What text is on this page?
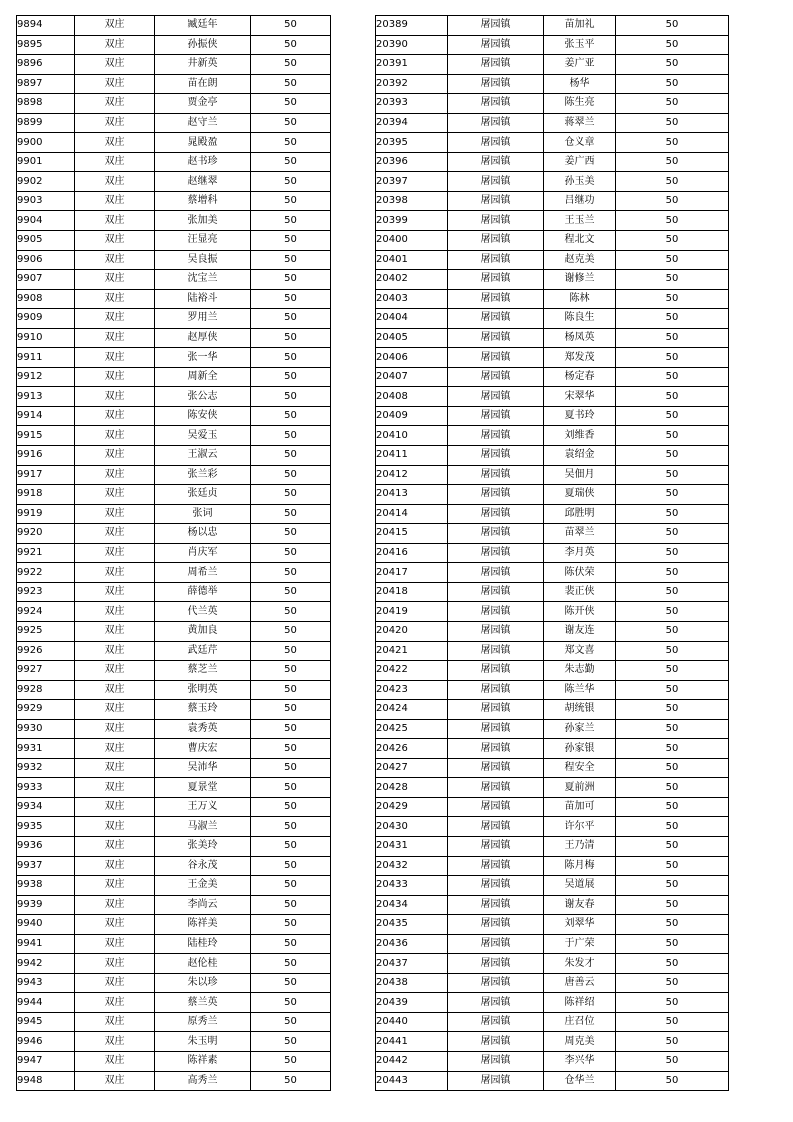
9894	双庄	臧廷年	50
9895	双庄	孙振侠	50
9896	双庄	井新英	50
9897	双庄	苗在朗	50
9898	双庄	贾金亭	50
9899	双庄	赵守兰	50
9900	双庄	晁殿盈	50
9901	双庄	赵书珍	50
9902	双庄	赵继翠	50
9903	双庄	蔡增科	50
9904	双庄	张加美	50
9905	双庄	汪显亮	50
9906	双庄	吴良振	50
9907	双庄	沈宝兰	50
9908	双庄	陆裕斗	50
9909	双庄	罗用兰	50
9910	双庄	赵厚侠	50
9911	双庄	张一华	50
9912	双庄	周新全	50
9913	双庄	张公志	50
9914	双庄	陈安侠	50
9915	双庄	吴爱玉	50
9916	双庄	王淑云	50
9917	双庄	张兰彩	50
9918	双庄	张廷贞	50
9919	双庄	张词	50
9920	双庄	杨以忠	50
9921	双庄	肖庆军	50
9922	双庄	周希兰	50
9923	双庄	薛德举	50
9924	双庄	代兰英	50
9925	双庄	黄加良	50
9926	双庄	武廷芹	50
9927	双庄	蔡芝兰	50
9928	双庄	张明英	50
9929	双庄	蔡玉玲	50
9930	双庄	袁秀英	50
9931	双庄	曹庆宏	50
9932	双庄	吴沛华	50
9933	双庄	夏景堂	50
9934	双庄	王万义	50
9935	双庄	马淑兰	50
9936	双庄	张美玲	50
9937	双庄	谷永茂	50
9938	双庄	王金美	50
9939	双庄	李尚云	50
9940	双庄	陈祥美	50
9941	双庄	陆桂玲	50
9942	双庄	赵伦桂	50
9943	双庄	朱以珍	50
9944	双庄	蔡兰英	50
9945	双庄	原秀兰	50
9946	双庄	朱玉明	50
9947	双庄	陈祥素	50
9948	双庄	高秀兰	50
20389	屠园镇	苗加礼	50
20390	屠园镇	张玉平	50
20391	屠园镇	姜广亚	50
20392	屠园镇	杨华	50
20393	屠园镇	陈生亮	50
20394	屠园镇	蒋翠兰	50
20395	屠园镇	仓义章	50
20396	屠园镇	姜广西	50
20397	屠园镇	孙玉美	50
20398	屠园镇	吕继功	50
20399	屠园镇	王玉兰	50
20400	屠园镇	程北文	50
20401	屠园镇	赵克美	50
20402	屠园镇	谢修兰	50
20403	屠园镇	陈林	50
20404	屠园镇	陈良生	50
20405	屠园镇	杨凤英	50
20406	屠园镇	郑发茂	50
20407	屠园镇	杨定春	50
20408	屠园镇	宋翠华	50
20409	屠园镇	夏书玲	50
20410	屠园镇	刘维香	50
20411	屠园镇	袁绍金	50
20412	屠园镇	吴佃月	50
20413	屠园镇	夏瑞侠	50
20414	屠园镇	邱胜明	50
20415	屠园镇	苗翠兰	50
20416	屠园镇	李月英	50
20417	屠园镇	陈伏荣	50
20418	屠园镇	裴正侠	50
20419	屠园镇	陈开侠	50
20420	屠园镇	谢友连	50
20421	屠园镇	郑文喜	50
20422	屠园镇	朱志勤	50
20423	屠园镇	陈兰华	50
20424	屠园镇	胡统银	50
20425	屠园镇	孙家兰	50
20426	屠园镇	孙家银	50
20427	屠园镇	程安全	50
20428	屠园镇	夏前洲	50
20429	屠园镇	苗加可	50
20430	屠园镇	许尔平	50
20431	屠园镇	王乃清	50
20432	屠园镇	陈月梅	50
20433	屠园镇	吴道展	50
20434	屠园镇	谢友春	50
20435	屠园镇	刘翠华	50
20436	屠园镇	于广荣	50
20437	屠园镇	朱发才	50
20438	屠园镇	唐善云	50
20439	屠园镇	陈祥绍	50
20440	屠园镇	庄召位	50
20441	屠园镇	周克美	50
20442	屠园镇	李兴华	50
20443	屠园镇	仓华兰	50
